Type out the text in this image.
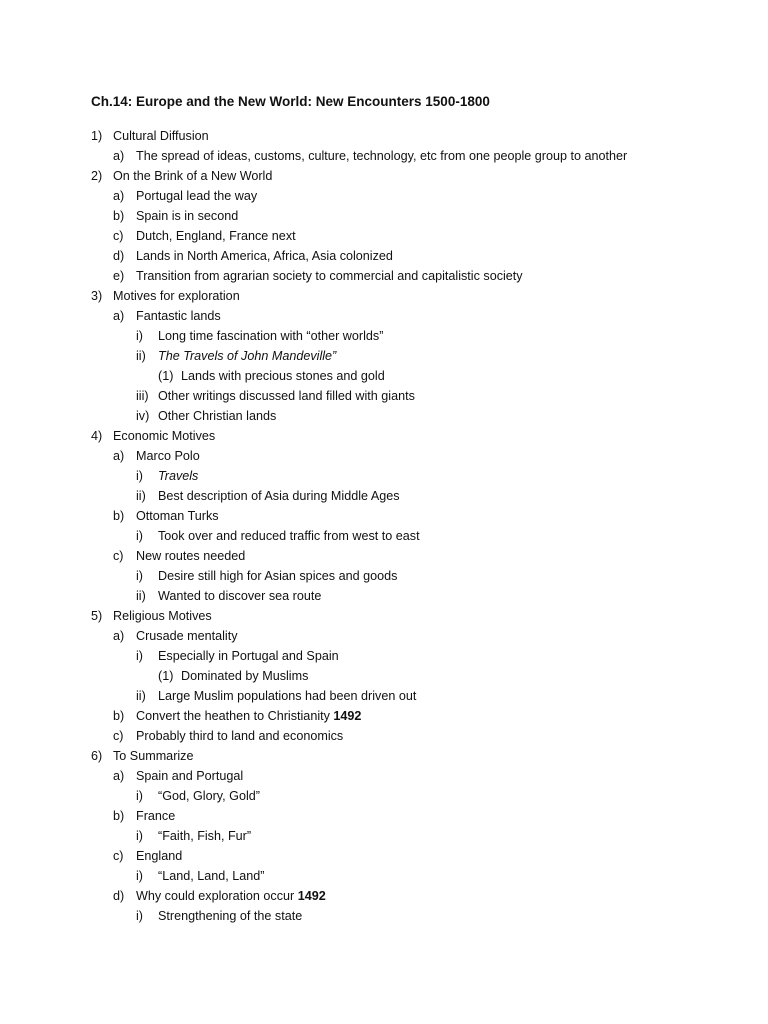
Ch.14: Europe and the New World: New Encounters 1500-1800
1) Cultural Diffusion
a) The spread of ideas, customs, culture, technology, etc from one people group to another
2) On the Brink of a New World
a) Portugal lead the way
b) Spain is in second
c) Dutch, England, France next
d) Lands in North America, Africa, Asia colonized
e) Transition from agrarian society to commercial and capitalistic society
3) Motives for exploration
a) Fantastic lands
i) Long time fascination with “other worlds”
ii) The Travels of John Mandeville”
(1) Lands with precious stones and gold
iii) Other writings discussed land filled with giants
iv) Other Christian lands
4) Economic Motives
a) Marco Polo
i) Travels
ii) Best description of Asia during Middle Ages
b) Ottoman Turks
i) Took over and reduced traffic from west to east
c) New routes needed
i) Desire still high for Asian spices and goods
ii) Wanted to discover sea route
5) Religious Motives
a) Crusade mentality
i) Especially in Portugal and Spain
(1) Dominated by Muslims
ii) Large Muslim populations had been driven out
b) Convert the heathen to Christianity 1492
c) Probably third to land and economics
6) To Summarize
a) Spain and Portugal
i) “God, Glory, Gold”
b) France
i) “Faith, Fish, Fur”
c) England
i) “Land, Land, Land”
d) Why could exploration occur 1492
i) Strengthening of the state
